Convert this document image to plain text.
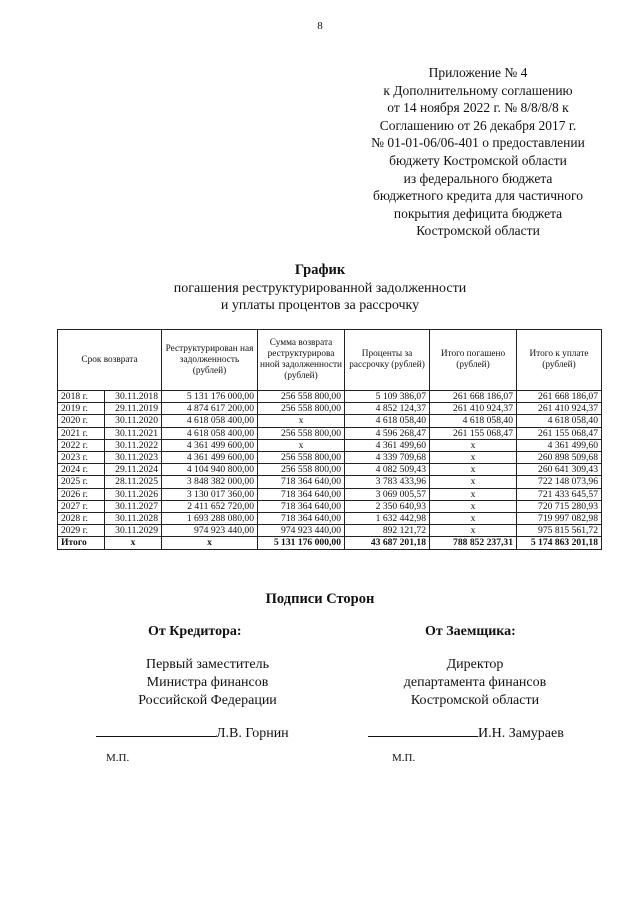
8
Приложение № 4
к Дополнительному соглашению
от 14 ноября 2022 г. № 8/8/8/8 к
Соглашению от 26 декабря 2017 г.
№ 01-01-06/06-401 о предоставлении
бюджету Костромской области
из федерального бюджета
бюджетного кредита для частичного
покрытия дефицита бюджета
Костромской области
График
погашения реструктурированной задолженности
и уплаты процентов за рассрочку
Срок возврата		Реструктурирован ная задолженность (рублей)	Сумма возврата реструктурирова нной задолженности (рублей)	Проценты за рассрочку (рублей)	Итого погашено (рублей)	Итого к уплате (рублей)
2018 г.	30.11.2018	5 131 176 000,00	256 558 800,00	5 109 386,07	261 668 186,07	261 668 186,07
2019 г.	29.11.2019	4 874 617 200,00	256 558 800,00	4 852 124,37	261 410 924,37	261 410 924,37
2020 г.	30.11.2020	4 618 058 400,00	х	4 618 058,40	4 618 058,40	4 618 058,40
2021 г.	30.11.2021	4 618 058 400,00	256 558 800,00	4 596 268,47	261 155 068,47	261 155 068,47
2022 г.	30.11.2022	4 361 499 600,00	х	4 361 499,60	х	4 361 499,60
2023 г.	30.11.2023	4 361 499 600,00	256 558 800,00	4 339 709,68	х	260 898 509,68
2024 г.	29.11.2024	4 104 940 800,00	256 558 800,00	4 082 509,43	х	260 641 309,43
2025 г.	28.11.2025	3 848 382 000,00	718 364 640,00	3 783 433,96	х	722 148 073,96
2026 г.	30.11.2026	3 130 017 360,00	718 364 640,00	3 069 005,57	х	721 433 645,57
2027 г.	30.11.2027	2 411 652 720,00	718 364 640,00	2 350 640,93	х	720 715 280,93
2028 г.	30.11.2028	1 693 288 080,00	718 364 640,00	1 632 442,98	х	719 997 082,98
2029 г.	30.11.2029	974 923 440,00	974 923 440,00	892 121,72	х	975 815 561,72
Итого	х	х	5 131 176 000,00	43 687 201,18	788 852 237,31	5 174 863 201,18
Подписи Сторон
От Кредитора:	От Заемщика:
Первый заместитель
Министра финансов
Российской Федерации
Директор
департамента финансов
Костромской области
Л.В. Горнин	И.Н. Замураев
М.П.	М.П.
